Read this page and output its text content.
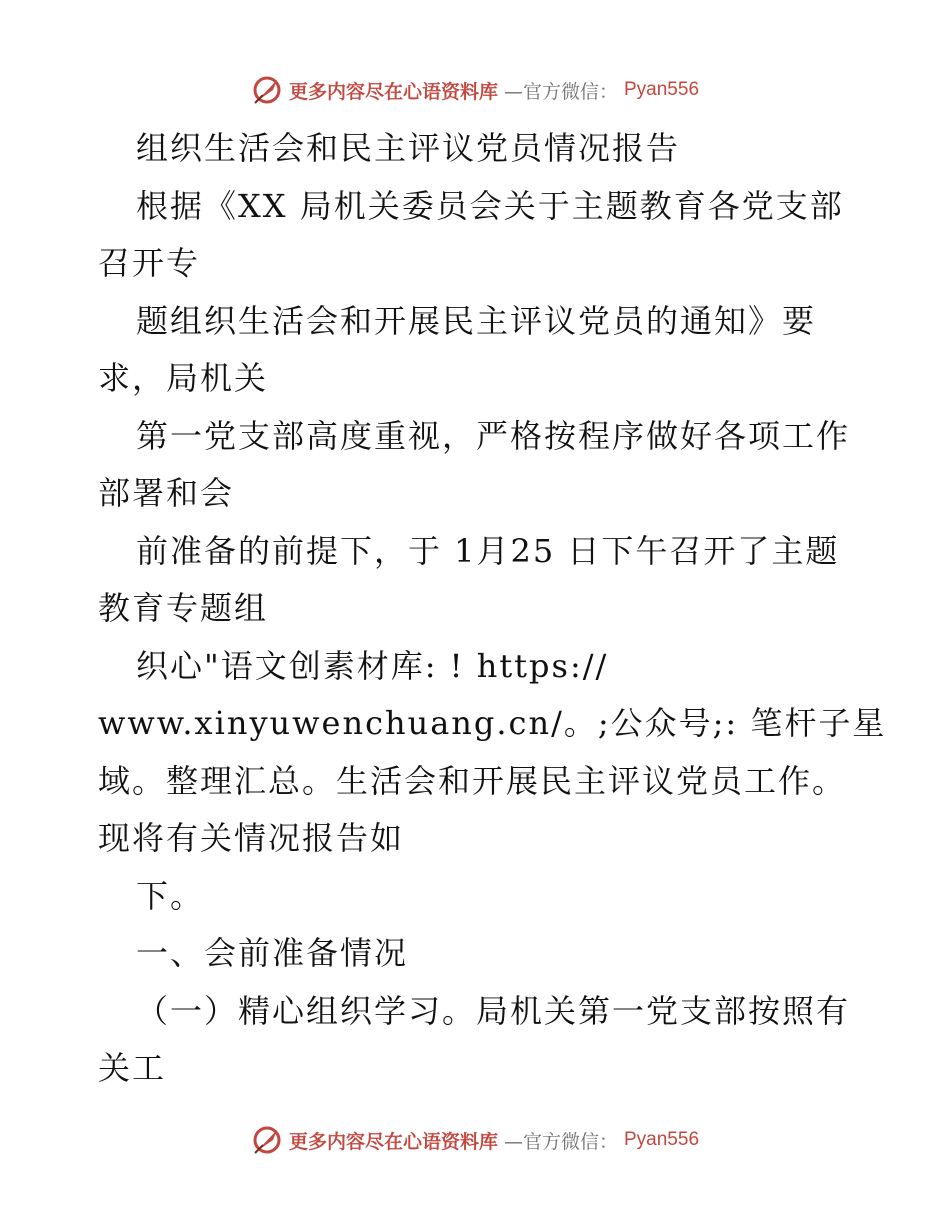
更多内容尽在心语资料库 —官方微信： Pyan556
组织生活会和民主评议党员情况报告
根据《XX 局机关委员会关于主题教育各党支部
召开专
题组织生活会和开展民主评议党员的通知》要
求，局机关
第一党支部高度重视，严格按程序做好各项工作
部署和会
前准备的前提下，于 1月25 日下午召开了主题
教育专题组
织心"语文创素材库: ! https://
www.xinyuwenchuang.cn/。;公众号;: 笔杆子星
域。整理汇总。生活会和开展民主评议党员工作。
现将有关情况报告如
下。
一、会前准备情况
（一）精心组织学习。局机关第一党支部按照有
关工
更多内容尽在心语资料库 —官方微信： Pyan556
